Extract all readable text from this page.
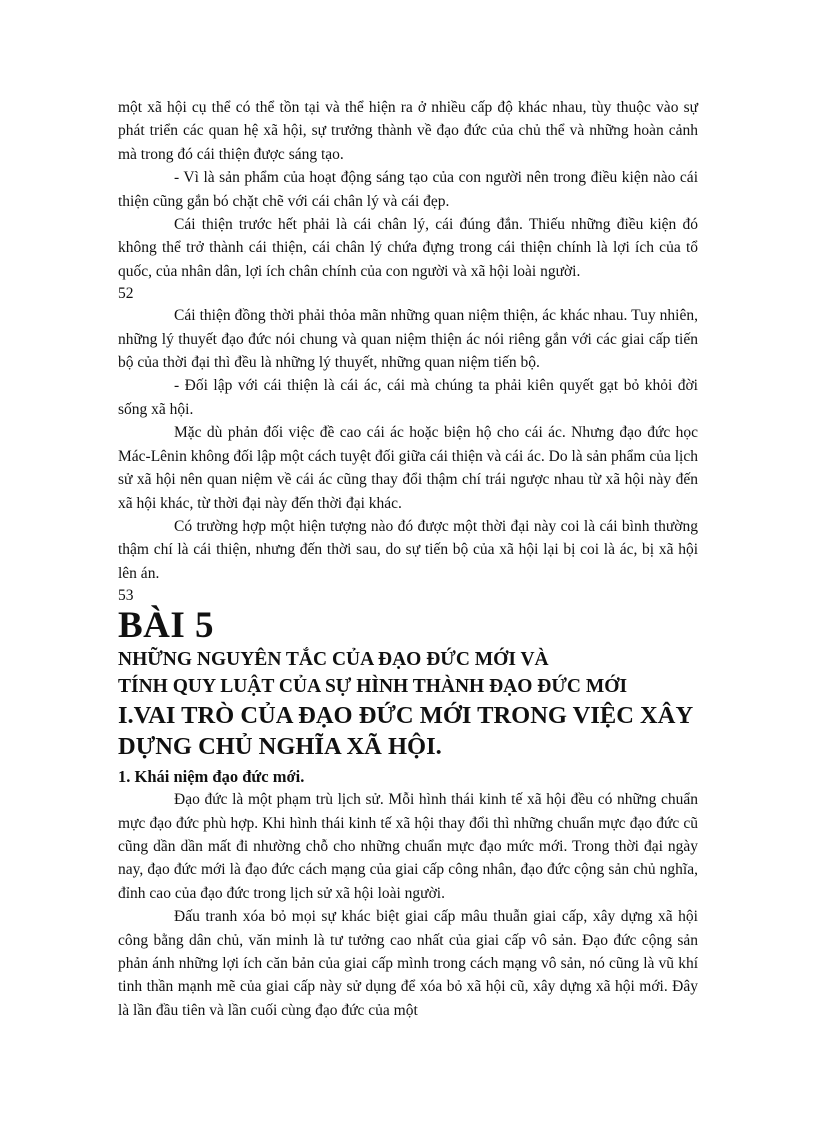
một xã hội cụ thể có thể tồn tại và thể hiện ra ở nhiều cấp độ khác nhau, tùy thuộc vào sự phát triển các quan hệ xã hội, sự trưởng thành về đạo đức của chủ thể và những hoàn cảnh mà trong đó cái thiện được sáng tạo.

- Vì là sản phẩm của hoạt động sáng tạo của con người nên trong điều kiện nào cái thiện cũng gắn bó chặt chẽ với cái chân lý và cái đẹp.

Cái thiện trước hết phải là cái chân lý, cái đúng đắn. Thiếu những điều kiện đó không thể trở thành cái thiện, cái chân lý chứa đựng trong cái thiện chính là lợi ích của tổ quốc, của nhân dân, lợi ích chân chính của con người và xã hội loài người.

52

Cái thiện đồng thời phải thỏa mãn những quan niệm thiện, ác khác nhau. Tuy nhiên, những lý thuyết đạo đức nói chung và quan niệm thiện ác nói riêng gắn với các giai cấp tiến bộ của thời đại thì đều là những lý thuyết, những quan niệm tiến bộ.

- Đối lập với cái thiện là cái ác, cái mà chúng ta phải kiên quyết gạt bỏ khỏi đời sống xã hội.

Mặc dù phản đối việc đề cao cái ác hoặc biện hộ cho cái ác. Nhưng đạo đức học Mác-Lênin không đối lập một cách tuyệt đối giữa cái thiện và cái ác. Do là sản phẩm của lịch sử xã hội nên quan niệm về cái ác cũng thay đổi thậm chí trái ngược nhau từ xã hội này đến xã hội khác, từ thời đại này đến thời đại khác.

Có trường hợp một hiện tượng nào đó được một thời đại này coi là cái bình thường thậm chí là cái thiện, nhưng đến thời sau, do sự tiến bộ của xã hội lại bị coi là ác, bị xã hội lên án.

53

BÀI 5
NHỮNG NGUYÊN TẮC CỦA ĐẠO ĐỨC MỚI VÀ
TÍNH QUY LUẬT CỦA SỰ HÌNH THÀNH ĐẠO ĐỨC MỚI
I.VAI TRÒ CỦA ĐẠO ĐỨC MỚI TRONG VIỆC XÂY DỰNG CHỦ NGHĨA XÃ HỘI.
1. Khái niệm đạo đức mới.

Đạo đức là một phạm trù lịch sử. Mỗi hình thái kinh tế xã hội đều có những chuẩn mực đạo đức phù hợp. Khi hình thái kinh tế xã hội thay đổi thì những chuẩn mực đạo đức cũ cũng dần dần mất đi nhường chỗ cho những chuẩn mực đạo mức mới. Trong thời đại ngày nay, đạo đức mới là đạo đức cách mạng của giai cấp công nhân, đạo đức cộng sản chủ nghĩa, đỉnh cao của đạo đức trong lịch sử xã hội loài người.

Đấu tranh xóa bỏ mọi sự khác biệt giai cấp mâu thuẫn giai cấp, xây dựng xã hội công bằng dân chủ, văn minh là tư tưởng cao nhất của giai cấp vô sản. Đạo đức cộng sản phản ánh những lợi ích căn bản của giai cấp mình trong cách mạng vô sản, nó cũng là vũ khí tinh thần mạnh mẽ của giai cấp này sử dụng để xóa bỏ xã hội cũ, xây dựng xã hội mới. Đây là lần đầu tiên và lần cuối cùng đạo đức của một
